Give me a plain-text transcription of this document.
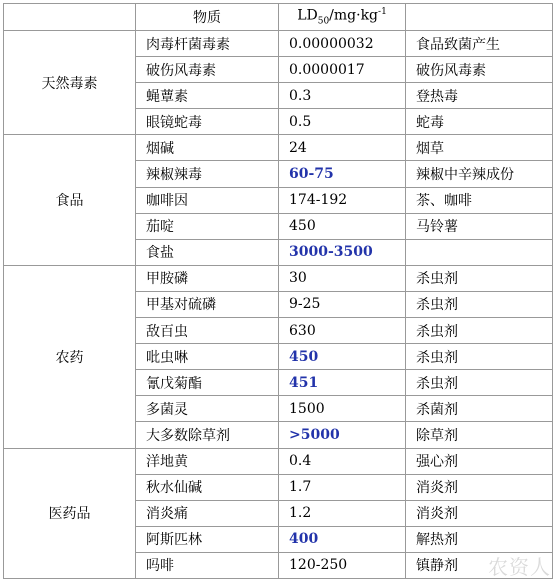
	物质	$LD_{50}/mg\cdot kg^{-1}$	
天然毒素	肉毒杆菌毒素	0.00000032	食品致菌产生
	破伤风毒素	0.0000017	破伤风毒素
	蝇蕈素	0.3	登热毒
	眼镜蛇毒	0.5	蛇毒
食品	烟碱	24	烟草
	辣椒辣毒	60-75	辣椒中辛辣成份
	咖啡因	174-192	茶、咖啡
	茄啶	450	马铃薯
	食盐	3000-3500	
农药	甲胺磷	30	杀虫剂
	甲基对硫磷	9-25	杀虫剂
	敌百虫	630	杀虫剂
	吡虫啉	450	杀虫剂
	氰戊菊酯	451	杀虫剂
	多菌灵	1500	杀菌剂
	大多数除草剂	>5000	除草剂
医药品	洋地黄	0.4	强心剂
	秋水仙碱	1.7	消炎剂
	消炎痛	1.2	消炎剂
	阿斯匹林	400	解热剂
	吗啡	120-250	镇静剂 农资人
